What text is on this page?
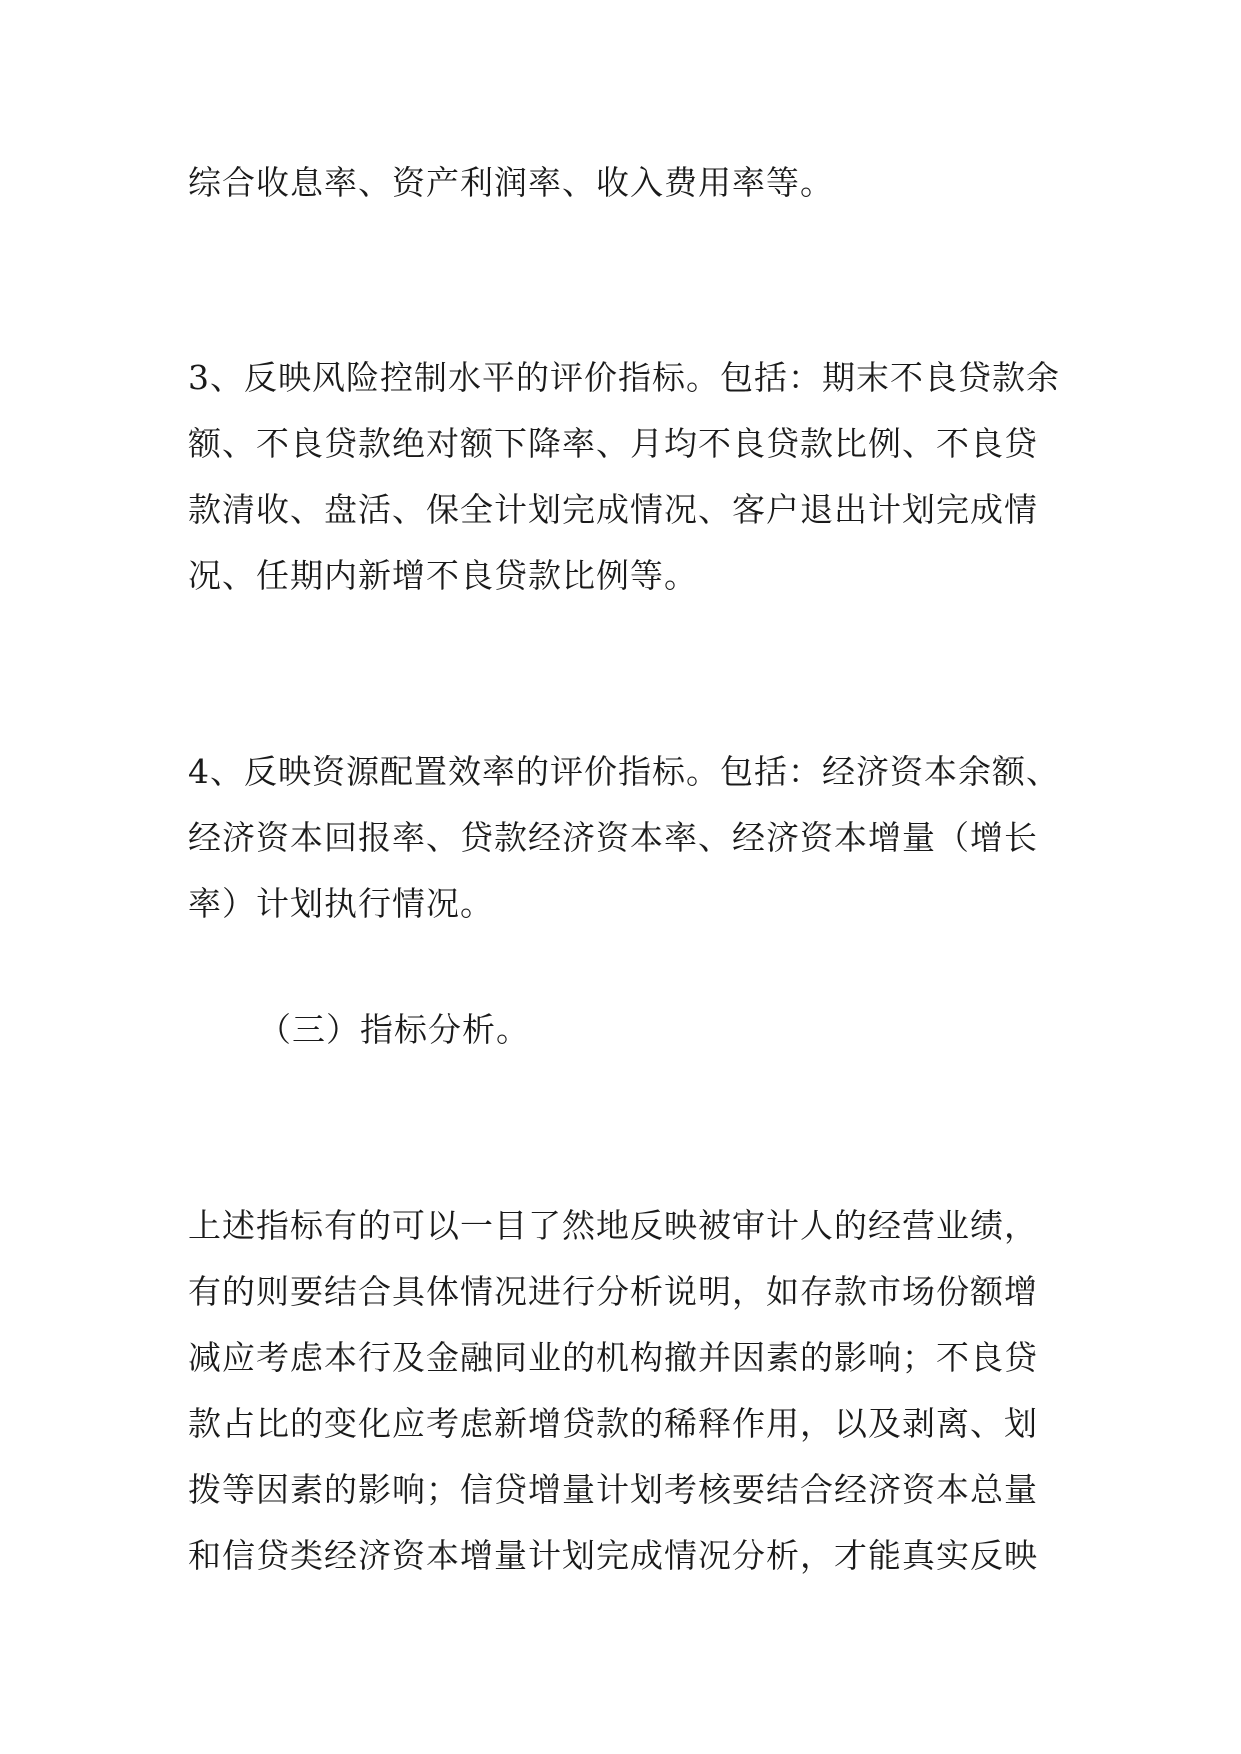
综合收息率、资产利润率、收入费用率等。
3、反映风险控制水平的评价指标。包括：期末不良贷款余
额、不良贷款绝对额下降率、月均不良贷款比例、不良贷
款清收、盘活、保全计划完成情况、客户退出计划完成情
况、任期内新增不良贷款比例等。
4、反映资源配置效率的评价指标。包括：经济资本余额、
经济资本回报率、贷款经济资本率、经济资本增量（增长
率）计划执行情况。
（三）指标分析。
上述指标有的可以一目了然地反映被审计人的经营业绩，
有的则要结合具体情况进行分析说明，如存款市场份额增
减应考虑本行及金融同业的机构撤并因素的影响；不良贷
款占比的变化应考虑新增贷款的稀释作用，以及剥离、划
拨等因素的影响；信贷增量计划考核要结合经济资本总量
和信贷类经济资本增量计划完成情况分析，才能真实反映
